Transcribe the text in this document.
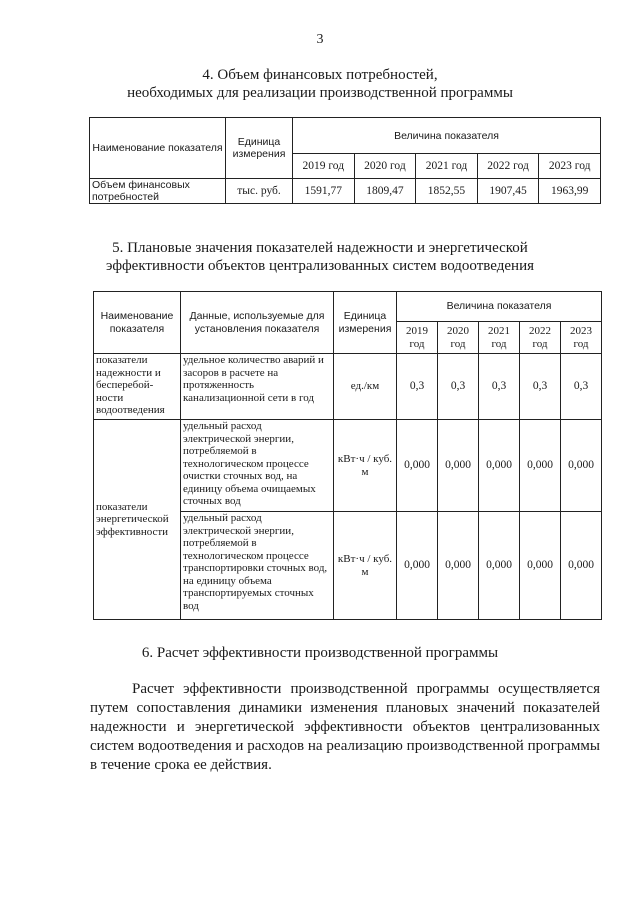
3
4. Объем финансовых потребностей,
необходимых для реализации производственной программы
Наименование показателя	Единица измерения	Величина показателя				
		2019 год	2020 год	2021 год	2022 год	2023 год
Объем финансовых потребностей	тыс. руб.	1591,77	1809,47	1852,55	1907,45	1963,99
5. Плановые значения показателей надежности и энергетической
эффективности объектов централизованных систем водоотведения
Наименование показателя	Данные, используемые для установления показателя	Единица измерения	Величина показателя				
			2019 год	2020 год	2021 год	2022 год	2023 год
показатели надежности и бесперебой-ности водоотведения	удельное количество аварий и засоров в расчете на протяженность канализационной сети в год	ед./км	0,3	0,3	0,3	0,3	0,3
показатели энергетической эффективности	удельный расход электрической энергии, потребляемой в технологическом процессе очистки сточных вод, на единицу объема очищаемых сточных вод	кВт·ч / куб. м	0,000	0,000	0,000	0,000	0,000
	удельный расход электрической энергии, потребляемой в технологическом процессе транспортировки сточных вод, на единицу объема транспортируемых сточных вод	кВт·ч / куб. м	0,000	0,000	0,000	0,000	0,000
6. Расчет эффективности производственной программы
Расчет эффективности производственной программы осуществляется путем сопоставления динамики изменения плановых значений показателей надежности и энергетической эффективности объектов централизованных систем водоотведения и расходов на реализацию производственной программы в течение срока ее действия.
